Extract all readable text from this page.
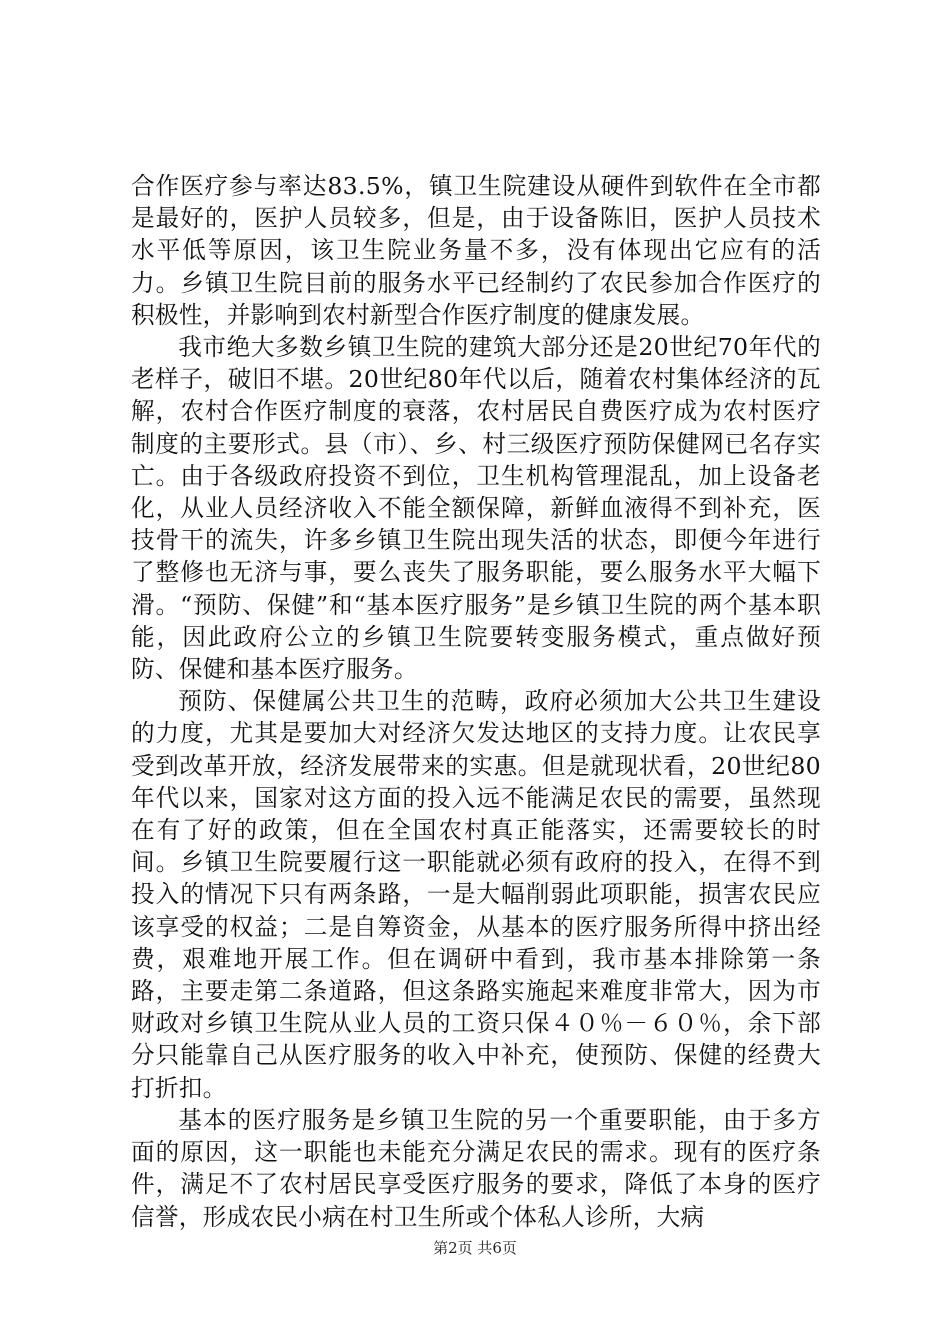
合作医疗参与率达83.5%，镇卫生院建设从硬件到软件在全市都是最好的，医护人员较多，但是，由于设备陈旧，医护人员技术水平低等原因，该卫生院业务量不多，没有体现出它应有的活力。乡镇卫生院目前的服务水平已经制约了农民参加合作医疗的积极性，并影响到农村新型合作医疗制度的健康发展。

我市绝大多数乡镇卫生院的建筑大部分还是20世纪70年代的老样子，破旧不堪。20世纪80年代以后，随着农村集体经济的瓦解，农村合作医疗制度的衰落，农村居民自费医疗成为农村医疗制度的主要形式。县（市）、乡、村三级医疗预防保健网已名存实亡。由于各级政府投资不到位，卫生机构管理混乱，加上设备老化，从业人员经济收入不能全额保障，新鲜血液得不到补充，医技骨干的流失，许多乡镇卫生院出现失活的状态，即便今年进行了整修也无济与事，要么丧失了服务职能，要么服务水平大幅下滑。“预防、保健”和“基本医疗服务”是乡镇卫生院的两个基本职能，因此政府公立的乡镇卫生院要转变服务模式，重点做好预防、保健和基本医疗服务。

预防、保健属公共卫生的范畴，政府必须加大公共卫生建设的力度，尤其是要加大对经济欠发达地区的支持力度。让农民享受到改革开放，经济发展带来的实惠。但是就现状看，20世纪80年代以来，国家对这方面的投入远不能满足农民的需要，虽然现在有了好的政策，但在全国农村真正能落实，还需要较长的时间。乡镇卫生院要履行这一职能就必须有政府的投入，在得不到投入的情况下只有两条路，一是大幅削弱此项职能，损害农民应该享受的权益；二是自筹资金，从基本的医疗服务所得中挤出经费，艰难地开展工作。但在调研中看到，我市基本排除第一条路，主要走第二条道路，但这条路实施起来难度非常大，因为市财政对乡镇卫生院从业人员的工资只保４０％－６０％，余下部分只能靠自己从医疗服务的收入中补充，使预防、保健的经费大打折扣。

基本的医疗服务是乡镇卫生院的另一个重要职能，由于多方面的原因，这一职能也未能充分满足农民的需求。现有的医疗条件，满足不了农村居民享受医疗服务的要求，降低了本身的医疗信誉，形成农民小病在村卫生所或个体私人诊所，大病

第2页 共6页
